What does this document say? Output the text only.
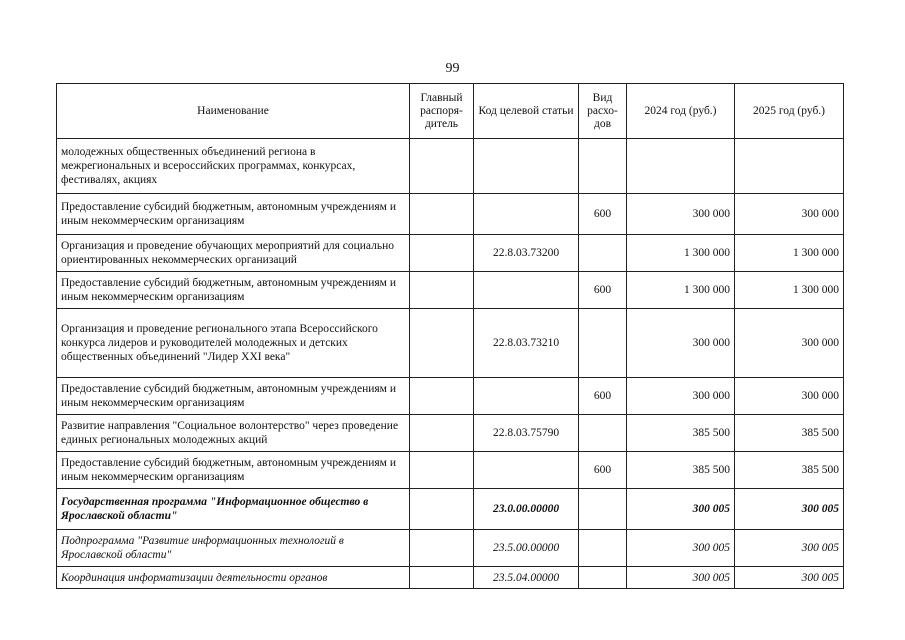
99
Наименование	Главный распоря-дитель	Код целевой статьи	Вид расхо-дов	2024 год (руб.)	2025 год (руб.)
молодежных общественных объединений региона в межрегиональных и всероссийских программах, конкурсах, фестивалях, акциях					
Предоставление субсидий бюджетным, автономным учреждениям и иным некоммерческим организациям			600	300 000	300 000
Организация и проведение обучающих мероприятий для социально ориентированных некоммерческих организаций		22.8.03.73200		1 300 000	1 300 000
Предоставление субсидий бюджетным, автономным учреждениям и иным некоммерческим организациям			600	1 300 000	1 300 000
Организация и проведение регионального этапа Всероссийского конкурса лидеров и руководителей молодежных и детских общественных объединений "Лидер XXI века"		22.8.03.73210		300 000	300 000
Предоставление субсидий бюджетным, автономным учреждениям и иным некоммерческим организациям			600	300 000	300 000
Развитие направления "Социальное волонтерство" через проведение единых региональных молодежных акций		22.8.03.75790		385 500	385 500
Предоставление субсидий бюджетным, автономным учреждениям и иным некоммерческим организациям			600	385 500	385 500
Государственная программа "Информационное общество в Ярославской области"		23.0.00.00000		300 005	300 005
Подпрограмма "Развитие информационных технологий в Ярославской области"		23.5.00.00000		300 005	300 005
Координация информатизации деятельности органов		23.5.04.00000		300 005	300 005
